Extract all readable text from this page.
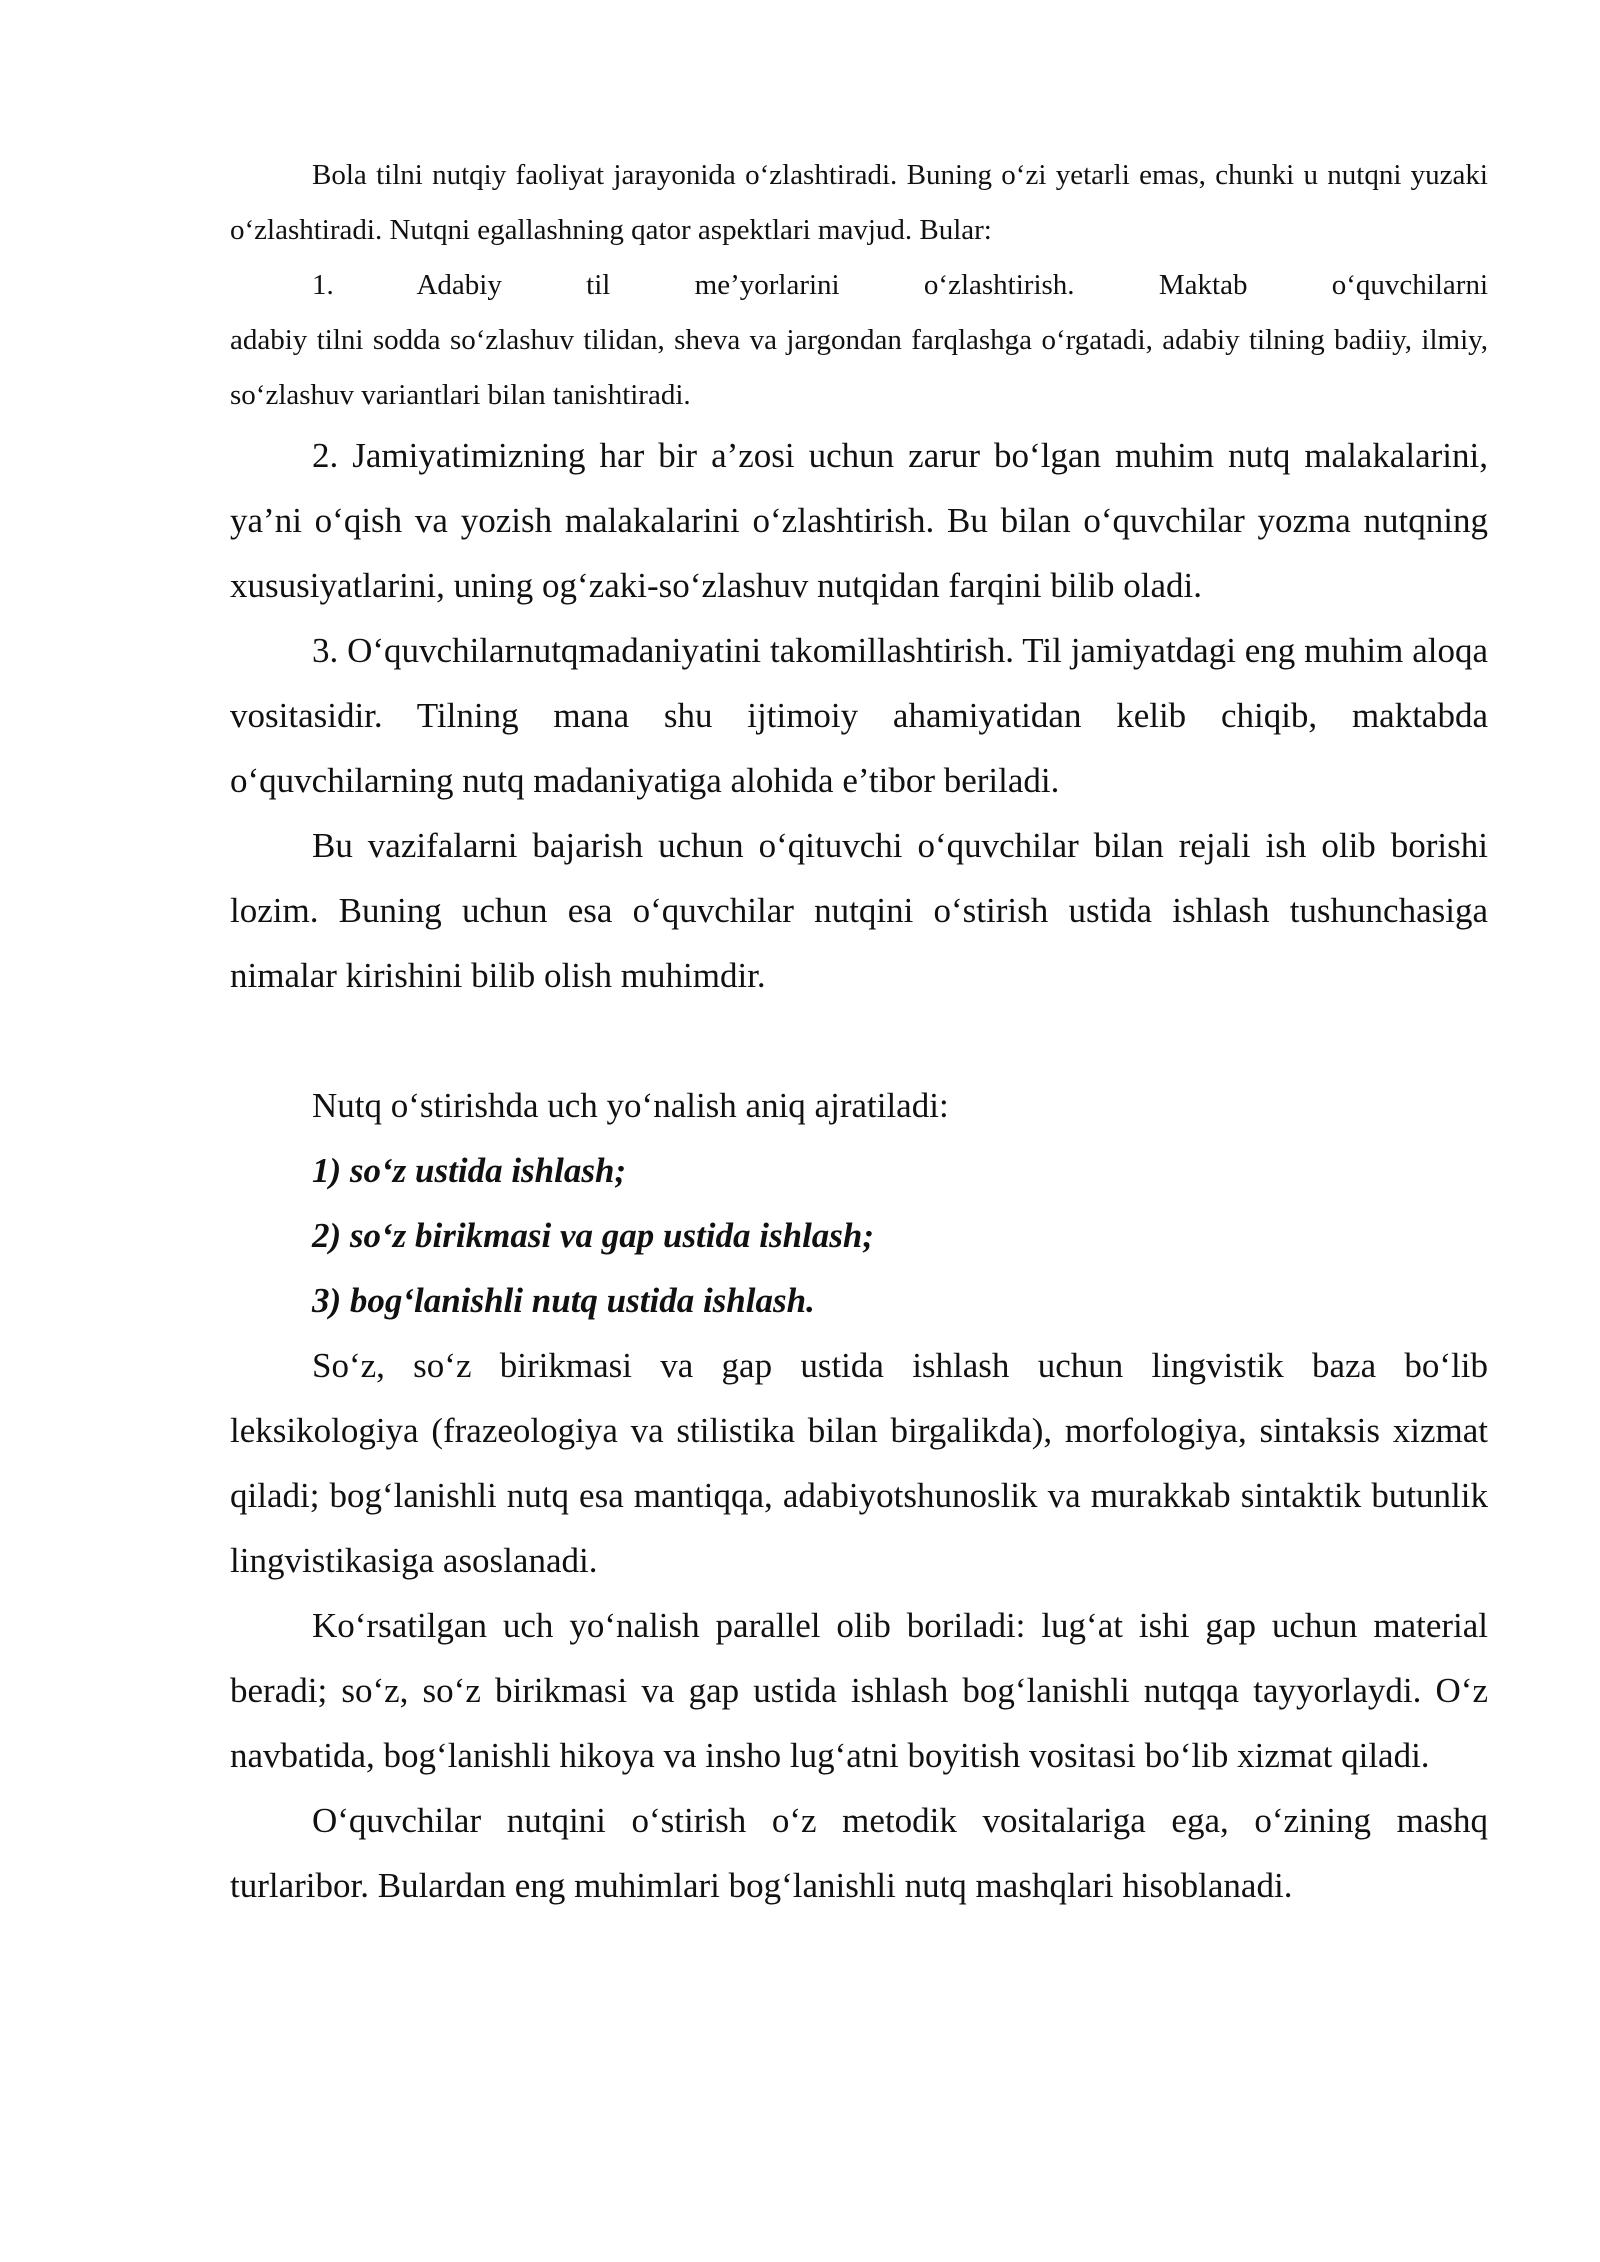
Bola tilni nutqiy faoliyat jarayonida o‘zlashtiradi. Buning o‘zi yetarli emas, chunki u nutqni yuzaki o‘zlashtiradi. Nutqni egallashning qator aspektlari mavjud. Bular:

1. Adabiy til me’yorlarini o‘zlashtirish. Maktab o‘quvchilarni

adabiy tilni sodda so‘zlashuv tilidan, sheva va jargondan farqlashga o‘rgatadi, adabiy tilning badiiy, ilmiy, so‘zlashuv variantlari bilan tanishtiradi.

2. Jamiyatimizning har bir a’zosi uchun zarur bo‘lgan muhim nutq malakalarini, ya’ni o‘qish va yozish malakalarini o‘zlashtirish. Bu bilan o‘quvchilar yozma nutqning xususiyatlarini, uning og‘zaki-so‘zlashuv nutqidan farqini bilib oladi.

3. O‘quvchilarnutqmadaniyatini takomillashtirish. Til jamiyatdagi eng muhim aloqa vositasidir. Tilning mana shu ijtimoiy ahamiyatidan kelib chiqib, maktabda o‘quvchilarning nutq madaniyatiga alohida e’tibor beriladi.

Bu vazifalarni bajarish uchun o‘qituvchi o‘quvchilar bilan rejali ish olib borishi lozim. Buning uchun esa o‘quvchilar nutqini o‘stirish ustida ishlash tushunchasiga nimalar kirishini bilib olish muhimdir.

Nutq o‘stirishda uch yo‘nalish aniq ajratiladi:

1) so‘z ustida ishlash;

2) so‘z birikmasi va gap ustida ishlash;

3) bog‘lanishli nutq ustida ishlash.

So‘z, so‘z birikmasi va gap ustida ishlash uchun lingvistik baza bo‘lib leksikologiya (frazeologiya va stilistika bilan birgalikda), morfologiya, sintaksis xizmat qiladi; bog‘lanishli nutq esa mantiqqa, adabiyotshunoslik va murakkab sintaktik butunlik lingvistikasiga asoslanadi.

Ko‘rsatilgan uch yo‘nalish parallel olib boriladi: lug‘at ishi gap uchun material beradi; so‘z, so‘z birikmasi va gap ustida ishlash bog‘lanishli nutqqa tayyorlaydi. O‘z navbatida, bog‘lanishli hikoya va insho lug‘atni boyitish vositasi bo‘lib xizmat qiladi.

O‘quvchilar nutqini o‘stirish o‘z metodik vositalariga ega, o‘zining mashq turlaribor. Bulardan eng muhimlari bog‘lanishli nutq mashqlari hisoblanadi.
